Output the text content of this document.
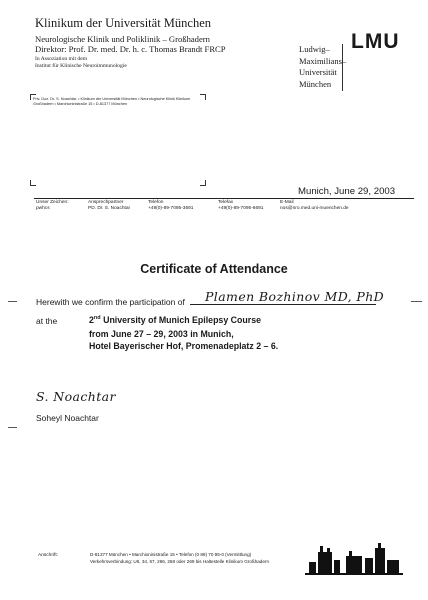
Klinikum der Universität München
Neurologische Klinik und Poliklinik – Großhadern
Direktor: Prof. Dr. med. Dr. h. c. Thomas Brandt FRCP
In Assoziation mit dem
Institut für Klinische Neuroimmunologie
Ludwig–
Maximilians–
Universität
München
LMU
Priv. Doz. Dr. S. Noachtar, • Klinikum der Universität München • Neurologische Klinik Klinikum Großhadern • Marchioninistraße 15 • D-81377 München
Munich, June 29, 2003
Unser Zeichen:
pwhcs
Ansprechpartner
PD. Dr. S. Noachtar
Telefon
+49(0)-89-7095-3691
Telefax
+49(0)-89-7095-6691
E-Mail
nos@nro.med.uni-muenchen.de
Certificate of Attendance
Herewith we confirm the participation of Plamen Bozhinov MD, PhD
at the	2nd University of Munich Epilepsy Course
from June 27 – 29, 2003 in Munich,
Hotel Bayerischer Hof, Promenadeplatz 2 – 6.
S. Noachtar
Soheyl Noachtar
Anschrift:	D-81377 München • Marchioninistraße 15 • Telefon (0 89) 70 95-0 (Vermittlung)
Verkehrsverbindung: U6, 34, 67, 266, 268 oder 269 bis Haltestelle Klinikum Großhadern
